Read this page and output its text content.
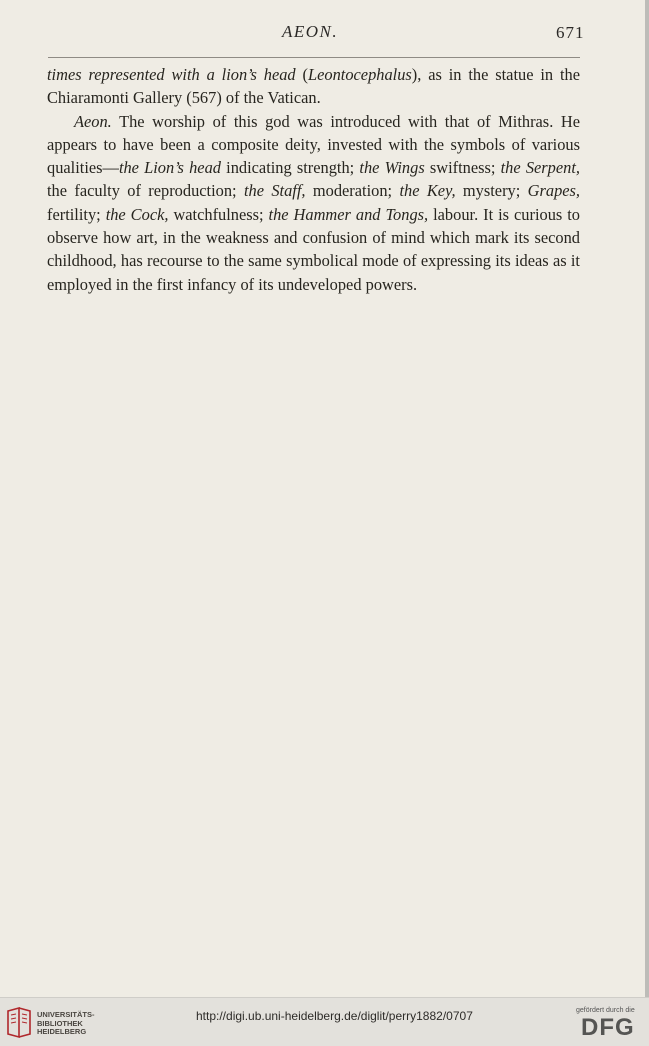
AEON.	671

times represented with a lion’s head (Leontocephalus), as in the statue in the Chiaramonti Gallery (567) of the Vatican.

Aeon. The worship of this god was introduced with that of Mithras. He appears to have been a composite deity, invested with the symbols of various qualities—the Lion’s head indicating strength; the Wings swiftness; the Serpent, the faculty of reproduction; the Staff, moderation; the Key, mystery; Grapes, fertility; the Cock, watchfulness; the Hammer and Tongs, labour. It is curious to observe how art, in the weakness and confusion of mind which mark its second childhood, has recourse to the same symbolical mode of expressing its ideas as it employed in the first infancy of its undeveloped powers.

UNIVERSITÄTS-
BIBLIOTHEK
HEIDELBERG
http://digi.ub.uni-heidelberg.de/diglit/perry1882/0707	gefördert durch die
DFG
